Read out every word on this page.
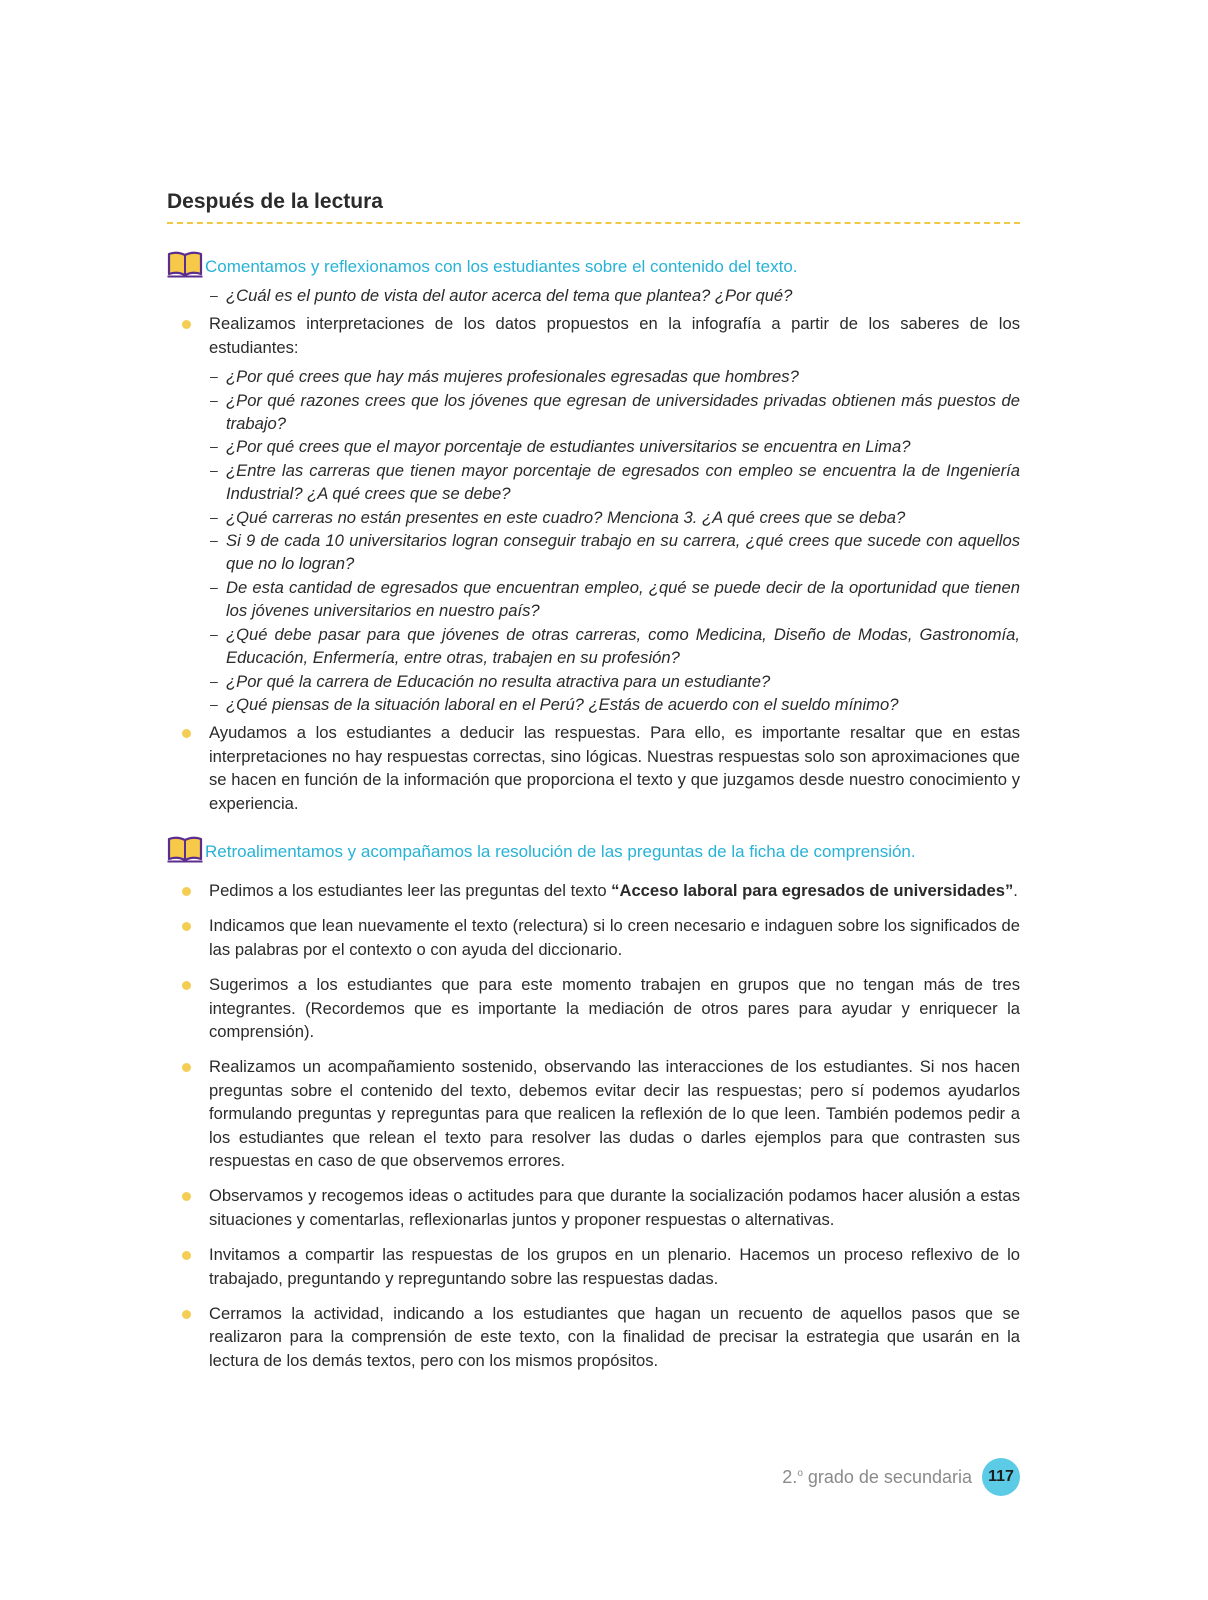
Después de la lectura
Comentamos y reflexionamos con los estudiantes sobre el contenido del texto.
– ¿Cuál es el punto de vista del autor acerca del tema que plantea? ¿Por qué?

Realizamos interpretaciones de los datos propuestos en la infografía a partir de los saberes de los estudiantes:

– ¿Por qué crees que hay más mujeres profesionales egresadas que hombres?
– ¿Por qué razones crees que los jóvenes que egresan de universidades privadas obtienen más puestos de trabajo?
– ¿Por qué crees que el mayor porcentaje de estudiantes universitarios se encuentra en Lima?
– ¿Entre las carreras que tienen mayor porcentaje de egresados con empleo se encuentra la de Ingeniería Industrial? ¿A qué crees que se debe?
– ¿Qué carreras no están presentes en este cuadro? Menciona 3. ¿A qué crees que se deba?
– Si 9 de cada 10 universitarios logran conseguir trabajo en su carrera, ¿qué crees que sucede con aquellos que no lo logran?
– De esta cantidad de egresados que encuentran empleo, ¿qué se puede decir de la oportunidad que tienen los jóvenes universitarios en nuestro país?
– ¿Qué debe pasar para que jóvenes de otras carreras, como Medicina, Diseño de Modas, Gastronomía, Educación, Enfermería, entre otras, trabajen en su profesión?
– ¿Por qué la carrera de Educación no resulta atractiva para un estudiante?
– ¿Qué piensas de la situación laboral en el Perú? ¿Estás de acuerdo con el sueldo mínimo?

Ayudamos a los estudiantes a deducir las respuestas. Para ello, es importante resaltar que en estas interpretaciones no hay respuestas correctas, sino lógicas. Nuestras respuestas solo son aproximaciones que se hacen en función de la información que proporciona el texto y que juzgamos desde nuestro conocimiento y experiencia.

Retroalimentamos y acompañamos la resolución de las preguntas de la ficha de comprensión.

Pedimos a los estudiantes leer las preguntas del texto “Acceso laboral para egresados de universidades”.

Indicamos que lean nuevamente el texto (relectura) si lo creen necesario e indaguen sobre los significados de las palabras por el contexto o con ayuda del diccionario.

Sugerimos a los estudiantes que para este momento trabajen en grupos que no tengan más de tres integrantes. (Recordemos que es importante la mediación de otros pares para ayudar y enriquecer la comprensión).

Realizamos un acompañamiento sostenido, observando las interacciones de los estudiantes. Si nos hacen preguntas sobre el contenido del texto, debemos evitar decir las respuestas; pero sí podemos ayudarlos formulando preguntas y repreguntas para que realicen la reflexión de lo que leen. También podemos pedir a los estudiantes que relean el texto para resolver las dudas o darles ejemplos para que contrasten sus respuestas en caso de que observemos errores.

Observamos y recogemos ideas o actitudes para que durante la socialización podamos hacer alusión a estas situaciones y comentarlas, reflexionarlas juntos y proponer respuestas o alternativas.

Invitamos a compartir las respuestas de los grupos en un plenario. Hacemos un proceso reflexivo de lo trabajado, preguntando y repreguntando sobre las respuestas dadas.

Cerramos la actividad, indicando a los estudiantes que hagan un recuento de aquellos pasos que se realizaron para la comprensión de este texto, con la finalidad de precisar la estrategia que usarán en la lectura de los demás textos, pero con los mismos propósitos.

2.$^o$ grado de secundaria	117
